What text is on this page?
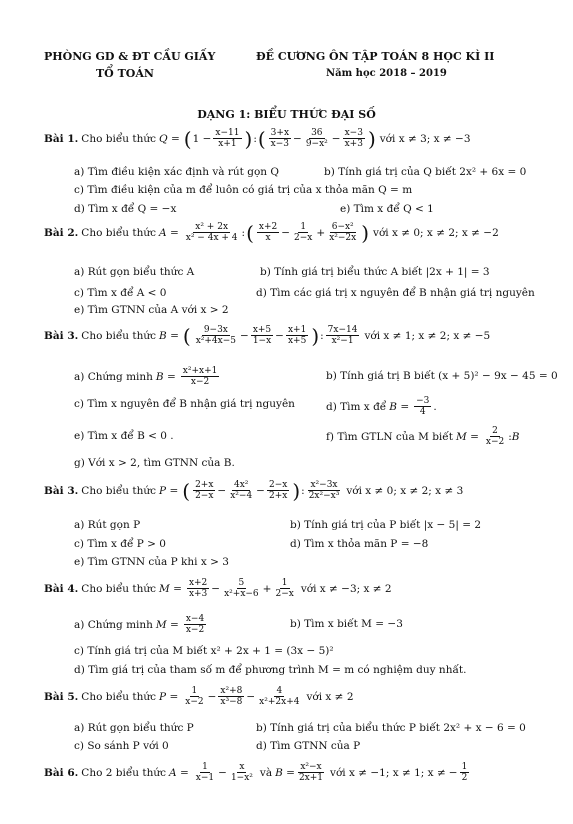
PHÒNG GD & ĐT CẦU GIẤY
TỔ TOÁN
ĐỀ CƯƠNG ÔN TẬP TOÁN 8 HỌC KÌ II
Năm học 2018 – 2019
DẠNG 1: BIỂU THỨC ĐẠI SỐ
Bài 1. Cho biểu thức Q = ( $1 - \frac{x-11}{x+1}$ ) : ( $\frac{3+x}{x-3} - \frac{36}{\text{9−x²}} - \frac{x-3}{x+3}$ ) với x ≠ 3; x ≠ −3
a) Tìm điều kiện xác định và rút gọn Q	b) Tính giá trị của Q biết 2x² + 6x = 0
c) Tìm điều kiện của m để luôn có giá trị của x thỏa mãn Q = m
d) Tìm x để Q = −x	e) Tìm x để Q < 1
Bài 2. Cho biểu thức $A = \frac{\text{x² + 2x}}{\text{x² − 4x + 4}}$ : ( $\frac{x+2}{x} - \frac{1}{2-x} + \frac{\text{6−x²}}{\text{x²−2x}}$ ) với x ≠ 0; x ≠ 2; x ≠ −2
a) Rút gọn biểu thức A	b) Tính giá trị biểu thức A biết |2x + 1| = 3
c) Tìm x để A < 0	d) Tìm các giá trị x nguyên để B nhận giá trị nguyên
e) Tìm GTNN của A với x > 2
Bài 3. Cho biểu thức B = ( $\frac{9-3x}{\text{x²+4x−5}} - \frac{x+5}{1-x} - \frac{x+1}{x+5}$ ) : $\frac{7x-14}{\text{x²−1}}$ với x ≠ 1; x ≠ 2; x ≠ −5
a) Chứng minh $B = \frac{\text{x²+x+1}}{x-2}$	b) Tính giá trị B biết (x + 5)² − 9x − 45 = 0
c) Tìm x nguyên để B nhận giá trị nguyên	d) Tìm x để $B = \frac{-3}{4}$ .
e) Tìm x để B < 0 .	f) Tìm GTLN của M biết $M = \frac{2}{x-2}$ : B
g) Với x > 2, tìm GTNN của B.
Bài 3. Cho biểu thức P = ( $\frac{2+x}{2-x} - \frac{\text{4x²}}{\text{x²−4}} - \frac{2-x}{2+x}$ ) : $\frac{\text{x²−3x}}{\text{2x²−x³}}$ với x ≠ 0; x ≠ 2; x ≠ 3
a) Rút gọn P	b) Tính giá trị của P biết |x − 5| = 2
c) Tìm x để P > 0	d) Tìm x thỏa mãn P = −8
e) Tìm GTNN của P khi x > 3
Bài 4. Cho biểu thức $M = \frac{x+2}{x+3} - \frac{5}{\text{x²+x−6}} + \frac{1}{2-x}$ với x ≠ −3; x ≠ 2
a) Chứng minh $M = \frac{x-4}{x-2}$	b) Tìm x biết M = −3
c) Tính giá trị của M biết x² + 2x + 1 = (3x − 5)²
d) Tìm giá trị của tham số m để phương trình M = m có nghiệm duy nhất.
Bài 5. Cho biểu thức $P = \frac{1}{x-2} - \frac{\text{x²+8}}{\text{x³−8}} - \frac{4}{\text{x²+2x+4}}$ với x ≠ 2
a) Rút gọn biểu thức P	b) Tính giá trị của biểu thức P biết 2x² + x − 6 = 0
c) So sánh P với 0	d) Tìm GTNN của P
Bài 6. Cho 2 biểu thức $A = \frac{1}{x-1} - \frac{x}{\text{1−x²}}$ và $B = \frac{\text{x²−x}}{2x+1}$ với x ≠ −1; x ≠ 1; x ≠ − $\frac{1}{2}$
